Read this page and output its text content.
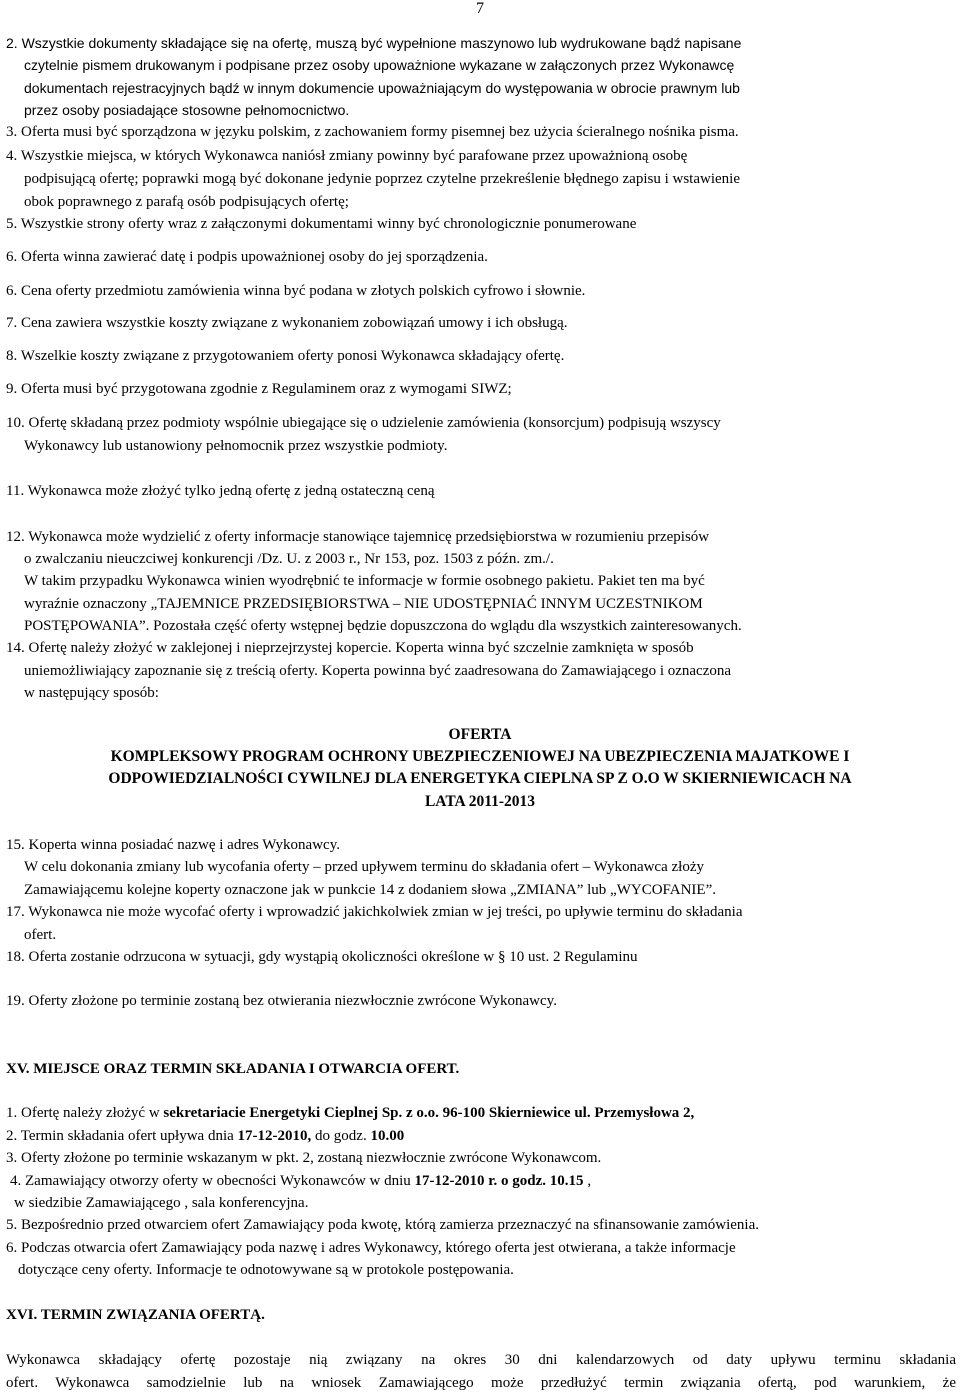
7
2. Wszystkie dokumenty składające się na ofertę, muszą być wypełnione maszynowo lub wydrukowane bądź napisane
czytelnie pismem drukowanym i podpisane przez osoby upoważnione wykazane w załączonych przez Wykonawcę
dokumentach rejestracyjnych bądź w innym dokumencie upoważniającym do występowania w obrocie prawnym lub
przez osoby posiadające stosowne pełnomocnictwo.
3. Oferta musi być sporządzona w języku polskim, z zachowaniem formy pisemnej bez użycia ścieralnego nośnika pisma.
4. Wszystkie miejsca, w których Wykonawca naniósł zmiany powinny być parafowane przez upoważnioną osobę
podpisującą ofertę; poprawki mogą być dokonane jedynie poprzez czytelne przekreślenie błędnego zapisu i wstawienie
obok poprawnego z parafą osób podpisujących ofertę;
5. Wszystkie strony oferty wraz z załączonymi dokumentami winny być chronologicznie ponumerowane
6. Oferta winna zawierać datę i podpis upoważnionej osoby do jej sporządzenia.
6. Cena oferty przedmiotu zamówienia winna być podana w złotych polskich cyfrowo i słownie.
7. Cena zawiera wszystkie koszty związane z wykonaniem zobowiązań umowy i ich obsługą.
8. Wszelkie koszty związane z przygotowaniem oferty ponosi Wykonawca składający ofertę.
9. Oferta musi być przygotowana zgodnie z Regulaminem oraz z wymogami SIWZ;
10. Ofertę składaną przez podmioty wspólnie ubiegające się o udzielenie zamówienia (konsorcjum) podpisują wszyscy
Wykonawcy lub ustanowiony pełnomocnik przez wszystkie podmioty.
11. Wykonawca może złożyć tylko jedną ofertę z jedną ostateczną ceną
12. Wykonawca może wydzielić z oferty informacje stanowiące tajemnicę przedsiębiorstwa w rozumieniu przepisów
o zwalczaniu nieuczciwej konkurencji /Dz. U. z 2003 r., Nr 153, poz. 1503 z późn. zm./.
W takim przypadku Wykonawca winien wyodrębnić te informacje w formie osobnego pakietu. Pakiet ten ma być
wyraźnie oznaczony „TAJEMNICE PRZEDSIĘBIORSTWA – NIE UDOSTĘPNIAĆ INNYM UCZESTNIKOM
POSTĘPOWANIA”. Pozostała część oferty wstępnej będzie dopuszczona do wglądu dla wszystkich zainteresowanych.
14. Ofertę należy złożyć w zaklejonej i nieprzejrzystej kopercie. Koperta winna być szczelnie zamknięta w sposób
uniemożliwiający zapoznanie się z treścią oferty. Koperta powinna być zaadresowana do Zamawiającego i oznaczona
w następujący sposób:
OFERTA
KOMPLEKSOWY PROGRAM OCHRONY UBEZPIECZENIOWEJ NA UBEZPIECZENIA MAJATKOWE I
ODPOWIEDZIALNOŚCI CYWILNEJ DLA ENERGETYKA CIEPLNA SP Z O.O W SKIERNIEWICACH NA
LATA 2011-2013
15. Koperta winna posiadać nazwę i adres Wykonawcy.
W celu dokonania zmiany lub wycofania oferty – przed upływem terminu do składania ofert – Wykonawca złoży
Zamawiającemu kolejne koperty oznaczone jak w punkcie 14 z dodaniem słowa „ZMIANA” lub „WYCOFANIE”.
17. Wykonawca nie może wycofać oferty i wprowadzić jakichkolwiek zmian w jej treści, po upływie terminu do składania
ofert.
18. Oferta zostanie odrzucona w sytuacji, gdy wystąpią okoliczności określone w § 10 ust. 2 Regulaminu
19. Oferty złożone po terminie zostaną bez otwierania niezwłocznie zwrócone Wykonawcy.
XV. MIEJSCE ORAZ TERMIN SKŁADANIA I OTWARCIA OFERT.
1. Ofertę należy złożyć w sekretariacie Energetyki Cieplnej Sp. z o.o. 96-100 Skierniewice ul. Przemysłowa 2,
2. Termin składania ofert upływa dnia 17-12-2010, do godz. 10.00
3. Oferty złożone po terminie wskazanym w pkt. 2, zostaną niezwłocznie zwrócone Wykonawcom.
4. Zamawiający otworzy oferty w obecności Wykonawców w dniu 17-12-2010 r. o godz. 10.15 ,
w siedzibie Zamawiającego , sala konferencyjna.
5. Bezpośrednio przed otwarciem ofert Zamawiający poda kwotę, którą zamierza przeznaczyć na sfinansowanie zamówienia.
6. Podczas otwarcia ofert Zamawiający poda nazwę i adres Wykonawcy, którego oferta jest otwierana, a także informacje
dotyczące ceny oferty. Informacje te odnotowywane są w protokole postępowania.
XVI. TERMIN ZWIĄZANIA OFERTĄ.
Wykonawca składający ofertę pozostaje nią związany na okres 30 dni kalendarzowych od daty upływu terminu składania
ofert. Wykonawca samodzielnie lub na wniosek Zamawiającego może przedłużyć termin związania ofertą, pod warunkiem, że
